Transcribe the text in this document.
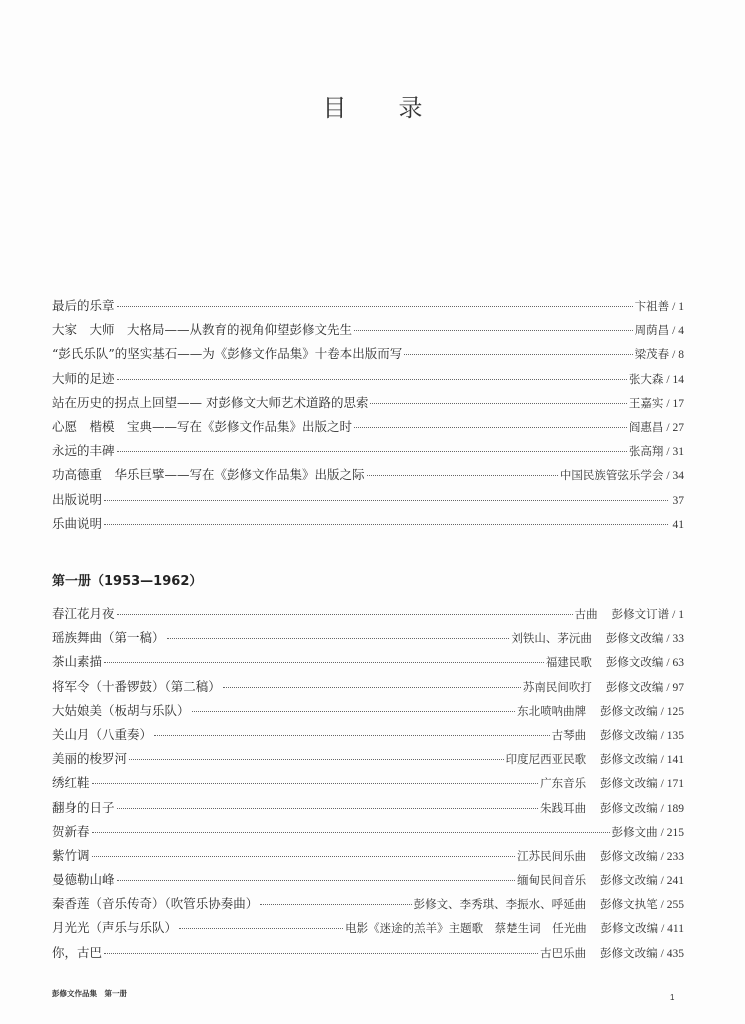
目录
最后的乐章	卞祖善 / 1
大家　大师　大格局——从教育的视角仰望彭修文先生	周荫昌 / 4
“彭氏乐队”的坚实基石——为《彭修文作品集》十卷本出版而写	梁茂春 / 8
大师的足迹	张大森 / 14
站在历史的拐点上回望—— 对彭修文大师艺术道路的思索	王嘉实 / 17
心愿　楷模　宝典——写在《彭修文作品集》出版之时	阎惠昌 / 27
永远的丰碑	张高翔 / 31
功高德重　华乐巨擘——写在《彭修文作品集》出版之际	中国民族管弦乐学会 / 34
出版说明	37
乐曲说明	41
第一册（1953—1962）
春江花月夜	古曲 彭修文订谱 / 1
瑶族舞曲（第一稿）	刘铁山、茅沅曲 彭修文改编 / 33
茶山素描	福建民歌 彭修文改编 / 63
将军令（十番锣鼓）（第二稿）	苏南民间吹打 彭修文改编 / 97
大姑娘美（板胡与乐队）	东北喷呐曲牌 彭修文改编 / 125
关山月（八重奏）	古琴曲 彭修文改编 / 135
美丽的梭罗河	印度尼西亚民歌 彭修文改编 / 141
绣红鞋	广东音乐 彭修文改编 / 171
翻身的日子	朱践耳曲 彭修文改编 / 189
贺新春	彭修文曲 / 215
紫竹调	江苏民间乐曲 彭修文改编 / 233
曼德勒山峰	缅甸民间音乐 彭修文改编 / 241
秦香莲（音乐传奇）（吹管乐协奏曲）	彭修文、李秀琪、李振水、呼延曲 彭修文执笔 / 255
月光光（声乐与乐队）	电影《迷途的羔羊》主题歌　蔡楚生词　任光曲 彭修文改编 / 411
你，古巴	古巴乐曲 彭修文改编 / 435
彭修文作品集　第一册	1
